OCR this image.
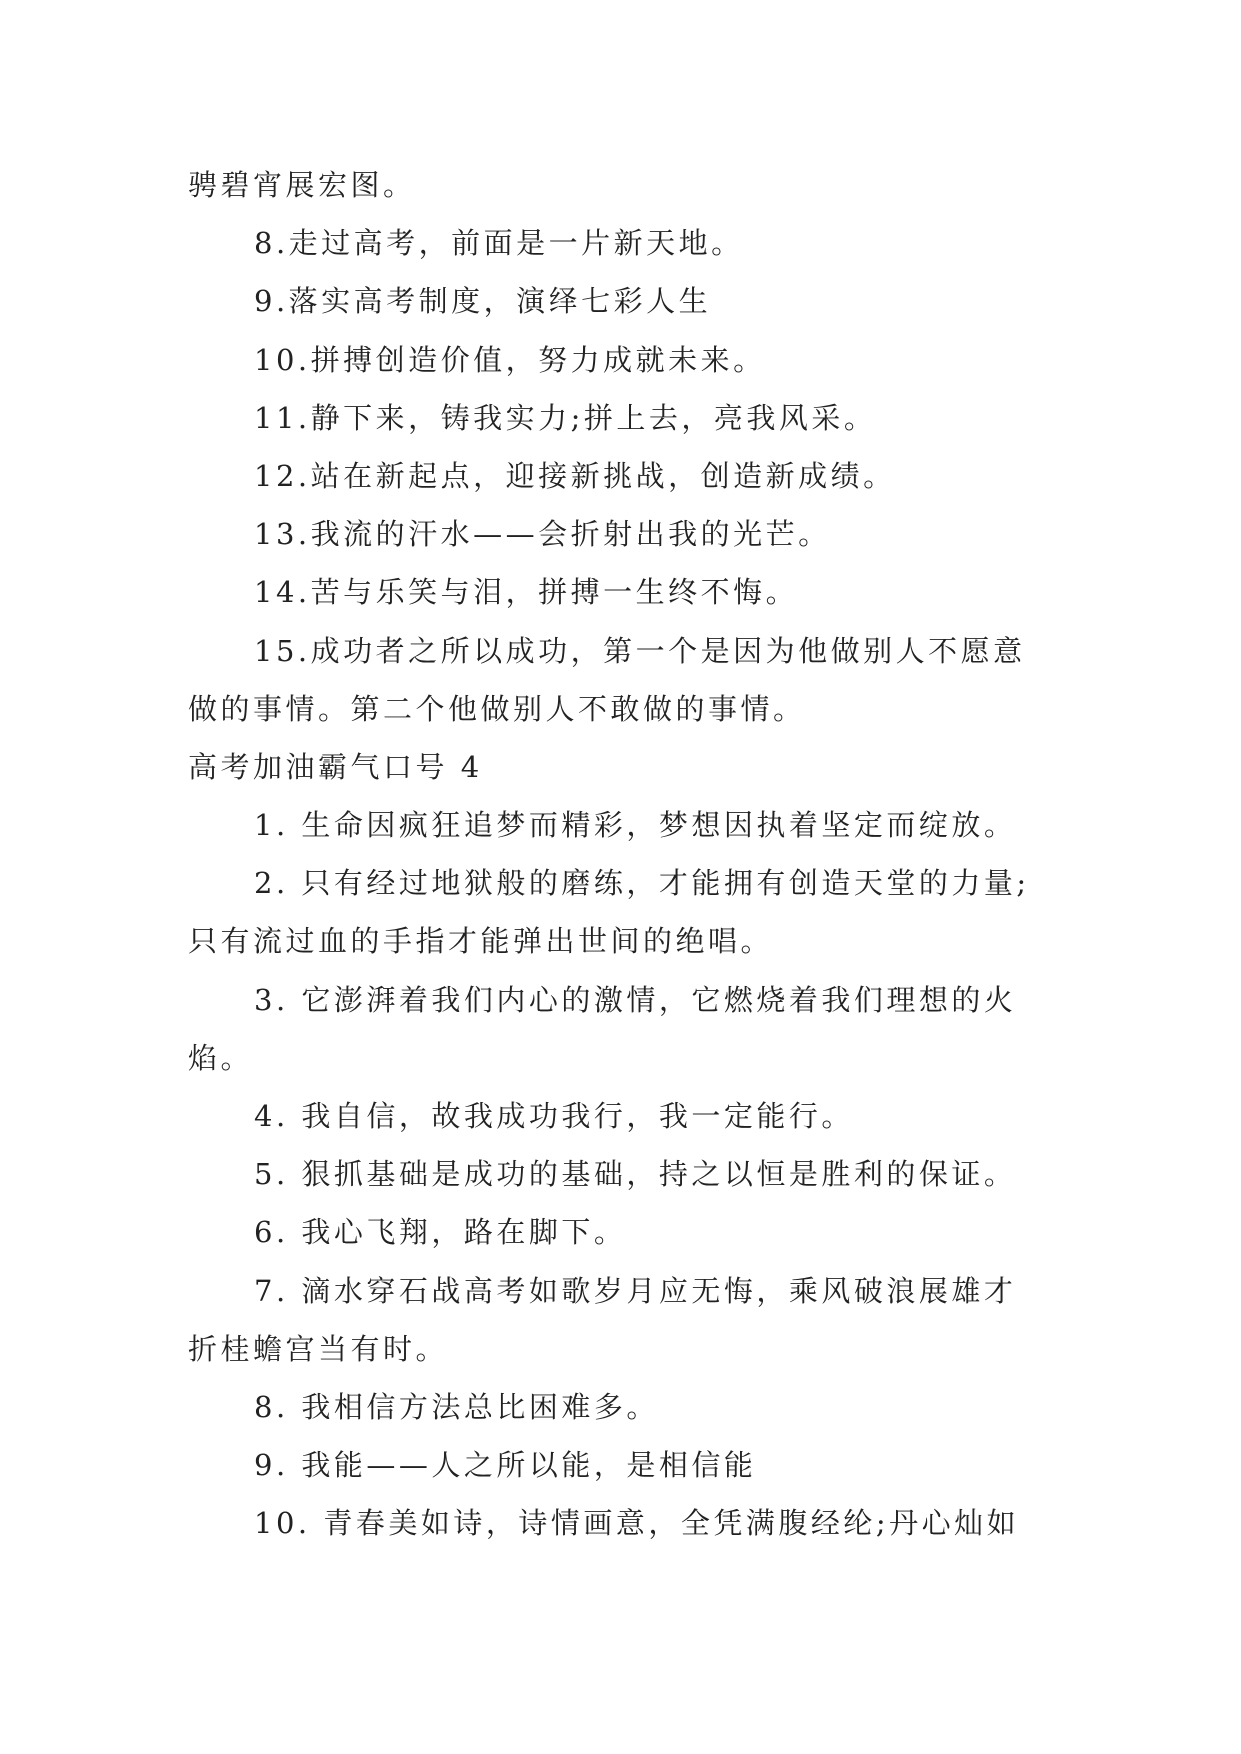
骋碧宵展宏图。
8.走过高考，前面是一片新天地。
9.落实高考制度，演绎七彩人生
10.拼搏创造价值，努力成就未来。
11.静下来，铸我实力;拼上去，亮我风采。
12.站在新起点，迎接新挑战，创造新成绩。
13.我流的汗水——会折射出我的光芒。
14.苦与乐笑与泪，拼搏一生终不悔。
15.成功者之所以成功，第一个是因为他做别人不愿意
做的事情。第二个他做别人不敢做的事情。
高考加油霸气口号 4
1. 生命因疯狂追梦而精彩，梦想因执着坚定而绽放。
2. 只有经过地狱般的磨练，才能拥有创造天堂的力量;
只有流过血的手指才能弹出世间的绝唱。
3. 它澎湃着我们内心的激情，它燃烧着我们理想的火
焰。
4. 我自信，故我成功我行，我一定能行。
5. 狠抓基础是成功的基础，持之以恒是胜利的保证。
6. 我心飞翔，路在脚下。
7. 滴水穿石战高考如歌岁月应无悔，乘风破浪展雄才
折桂蟾宫当有时。
8. 我相信方法总比困难多。
9. 我能——人之所以能，是相信能
10. 青春美如诗，诗情画意，全凭满腹经纶;丹心灿如
